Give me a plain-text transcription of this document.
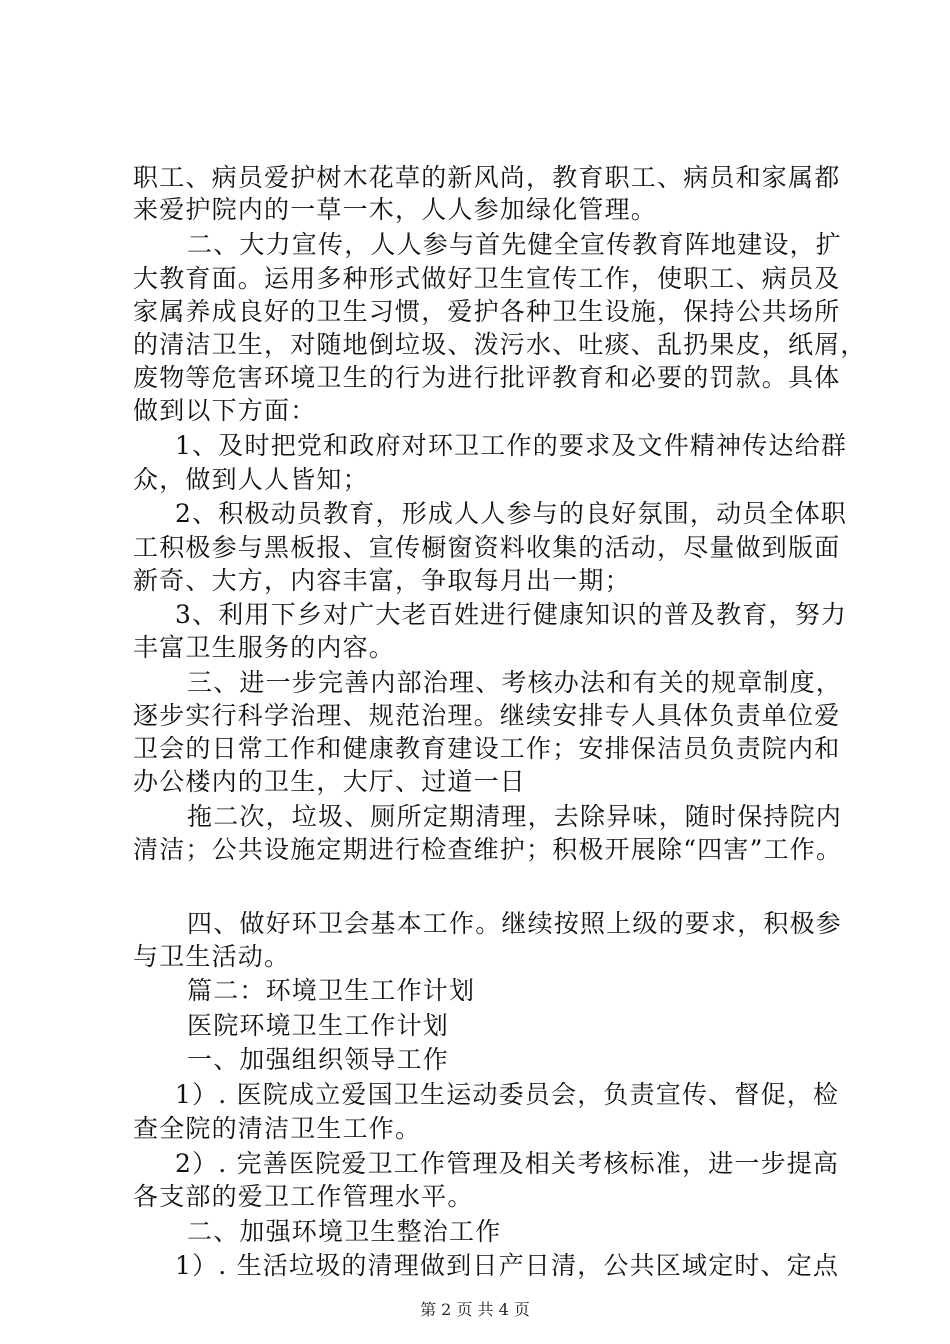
职工、病员爱护树木花草的新风尚，教育职工、病员和家属都
来爱护院内的一草一木，人人参加绿化管理。
二、大力宣传，人人参与首先健全宣传教育阵地建设，扩
大教育面。运用多种形式做好卫生宣传工作，使职工、病员及
家属养成良好的卫生习惯，爱护各种卫生设施，保持公共场所
的清洁卫生，对随地倒垃圾、泼污水、吐痰、乱扔果皮，纸屑，
废物等危害环境卫生的行为进行批评教育和必要的罚款。具体
做到以下方面：
1、及时把党和政府对环卫工作的要求及文件精神传达给群
众，做到人人皆知；
2、积极动员教育，形成人人参与的良好氛围，动员全体职
工积极参与黑板报、宣传橱窗资料收集的活动，尽量做到版面
新奇、大方，内容丰富，争取每月出一期；
3、利用下乡对广大老百姓进行健康知识的普及教育，努力
丰富卫生服务的内容。
三、进一步完善内部治理、考核办法和有关的规章制度，
逐步实行科学治理、规范治理。继续安排专人具体负责单位爱
卫会的日常工作和健康教育建设工作；安排保洁员负责院内和
办公楼内的卫生，大厅、过道一日
拖二次，垃圾、厕所定期清理，去除异味，随时保持院内
清洁；公共设施定期进行检查维护；积极开展除“四害”工作。
四、做好环卫会基本工作。继续按照上级的要求，积极参
与卫生活动。
篇二：环境卫生工作计划
医院环境卫生工作计划
一、加强组织领导工作
1）. 医院成立爱国卫生运动委员会，负责宣传、督促，检
查全院的清洁卫生工作。
2）. 完善医院爱卫工作管理及相关考核标准，进一步提高
各支部的爱卫工作管理水平。
二、加强环境卫生整治工作
1）. 生活垃圾的清理做到日产日清，公共区域定时、定点
第 2 页 共 4 页
